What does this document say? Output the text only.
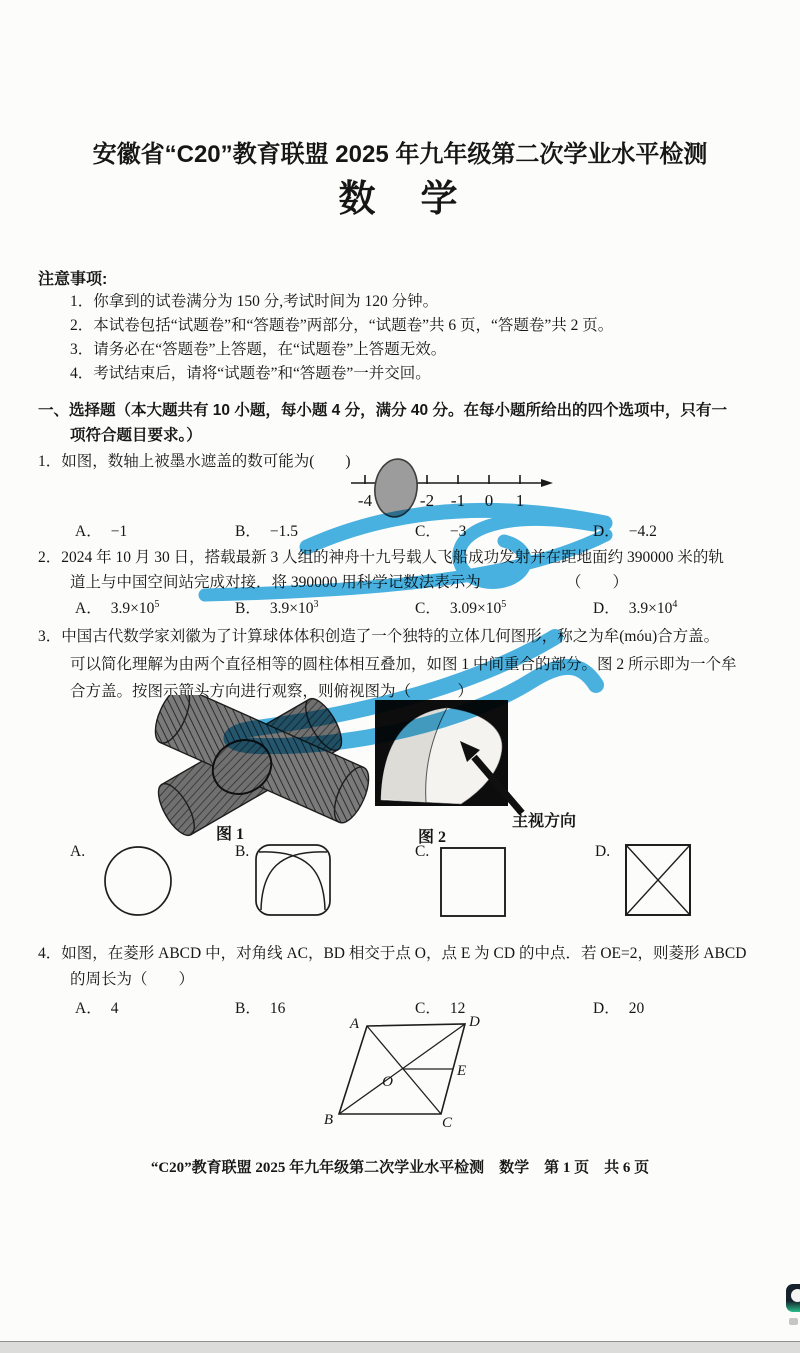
安徽省“C20”教育联盟 2025 年九年级第二次学业水平检测
数　学
注意事项:
1．你拿到的试卷满分为 150 分,考试时间为 120 分钟。
2．本试卷包括“试题卷”和“答题卷”两部分，“试题卷”共 6 页，“答题卷”共 2 页。
3．请务必在“答题卷”上答题，在“试题卷”上答题无效。
4．考试结束后，请将“试题卷”和“答题卷”一并交回。
一、选择题（本大题共有 10 小题，每小题 4 分，满分 40 分。在每小题所给出的四个选项中，只有一
项符合题目要求。）
1．如图，数轴上被墨水遮盖的数可能为(　　)
-4	-2 -1 0 1
A． −1	B． −1.5	C． −3	D． −4.2
2．2024 年 10 月 30 日，搭载最新 3 人组的神舟十九号载人飞船成功发射并在距地面约 390000 米的轨
道上与中国空间站完成对接．将 390000 用科学记数法表示为　　　　　　（　　）
A． $3.9\times 10^5$	B． $3.9\times 10^3$	C． $3.09\times 10^5$	D． $3.9\times 10^4$
3．中国古代数学家刘徽为了计算球体体积创造了一个独特的立体几何图形，称之为牟(móu)合方盖。
可以简化理解为由两个直径相等的圆柱体相互叠加，如图 1 中间重合的部分。图 2 所示即为一个牟
合方盖。按图示箭头方向进行观察，则俯视图为（　　　）
图 1	图 2
主视方向
A.	B.	C.	D.
4．如图，在菱形 ABCD 中，对角线 AC，BD 相交于点 O，点 E 为 CD 的中点．若 OE=2，则菱形 ABCD
的周长为（　　）
A． 4	B． 16	C． 12	D． 20
A	D
B	C
O
E
“C20”教育联盟 2025 年九年级第二次学业水平检测　数学　第 1 页　共 6 页
